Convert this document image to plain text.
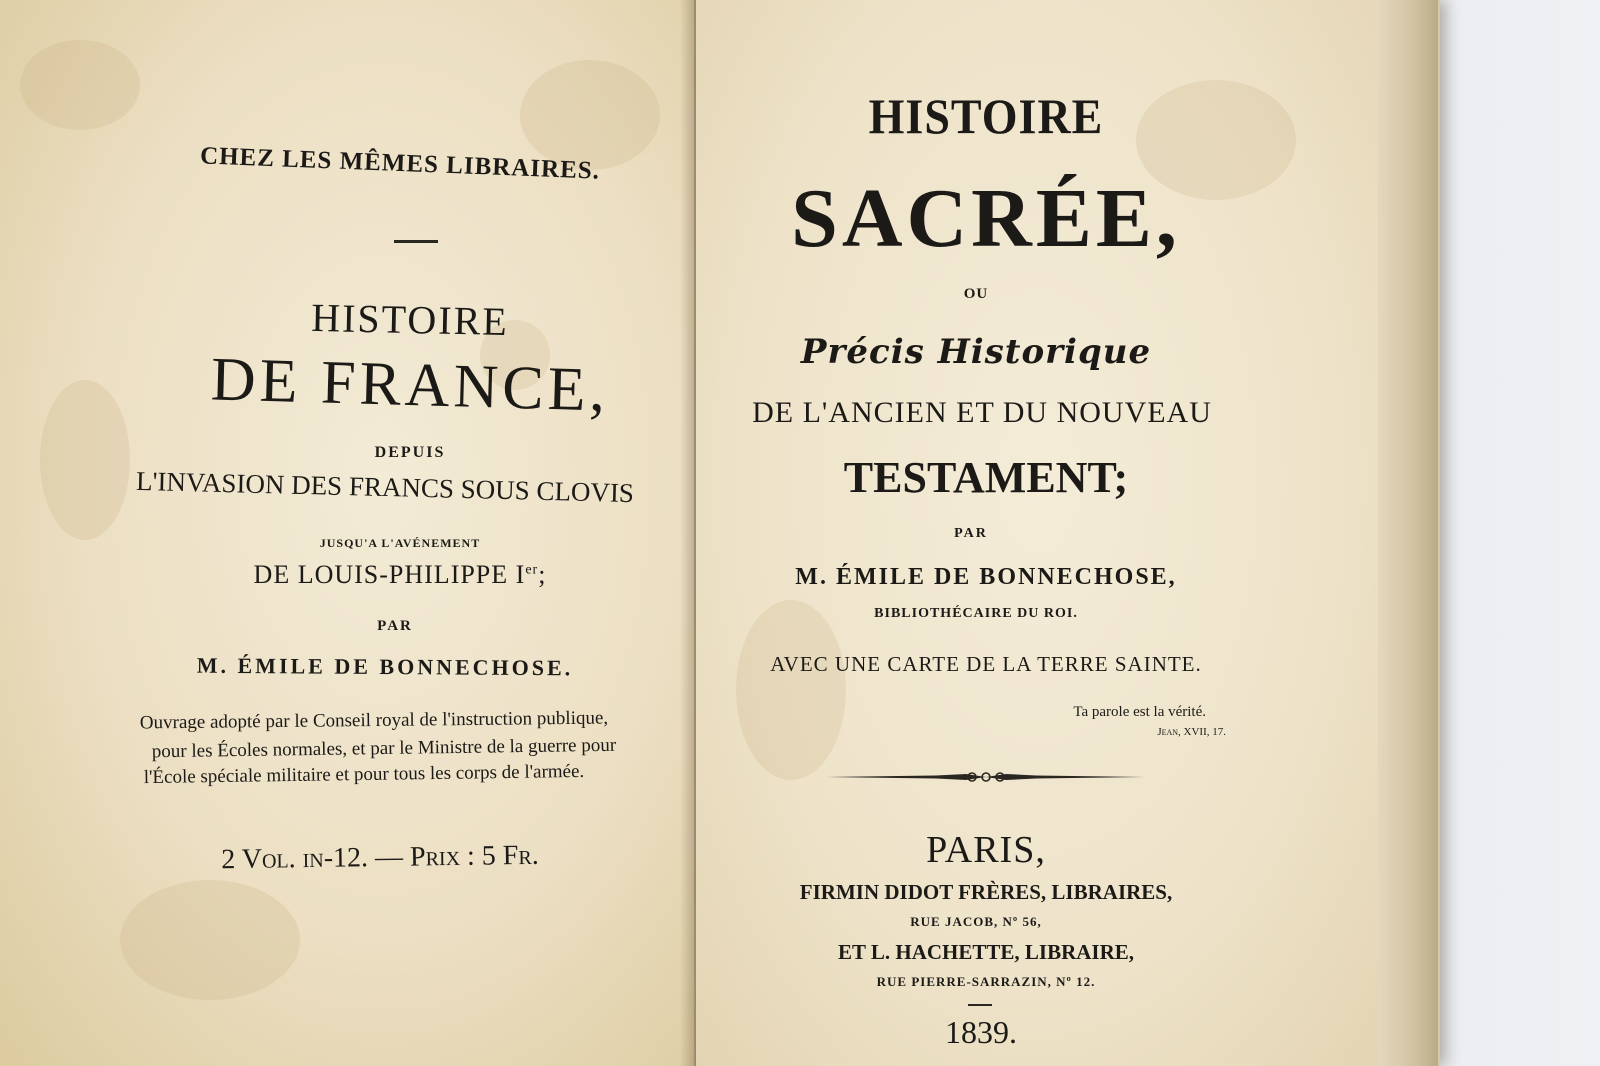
CHEZ LES MÊMES LIBRAIRES.
HISTOIRE
DE FRANCE,
DEPUIS
L'INVASION DES FRANCS SOUS CLOVIS
JUSQU'A L'AVÉNEMENT
DE LOUIS-PHILIPPE Ier;
PAR
M. ÉMILE DE BONNECHOSE.
Ouvrage adopté par le Conseil royal de l'instruction publique,
pour les Écoles normales, et par le Ministre de la guerre pour
l'École spéciale militaire et pour tous les corps de l'armée.
2 Vol. in-12. — Prix : 5 Fr.
HISTOIRE
SACRÉE,
OU
Précis Historique
DE L'ANCIEN ET DU NOUVEAU
TESTAMENT;
PAR
M. ÉMILE DE BONNECHOSE,
BIBLIOTHÉCAIRE DU ROI.
AVEC UNE CARTE DE LA TERRE SAINTE.
Ta parole est la vérité.
Jean, XVII, 17.
PARIS,
FIRMIN DIDOT FRÈRES, LIBRAIRES,
RUE JACOB, Nº 56,
ET L. HACHETTE, LIBRAIRE,
RUE PIERRE-SARRAZIN, Nº 12.
1839.
